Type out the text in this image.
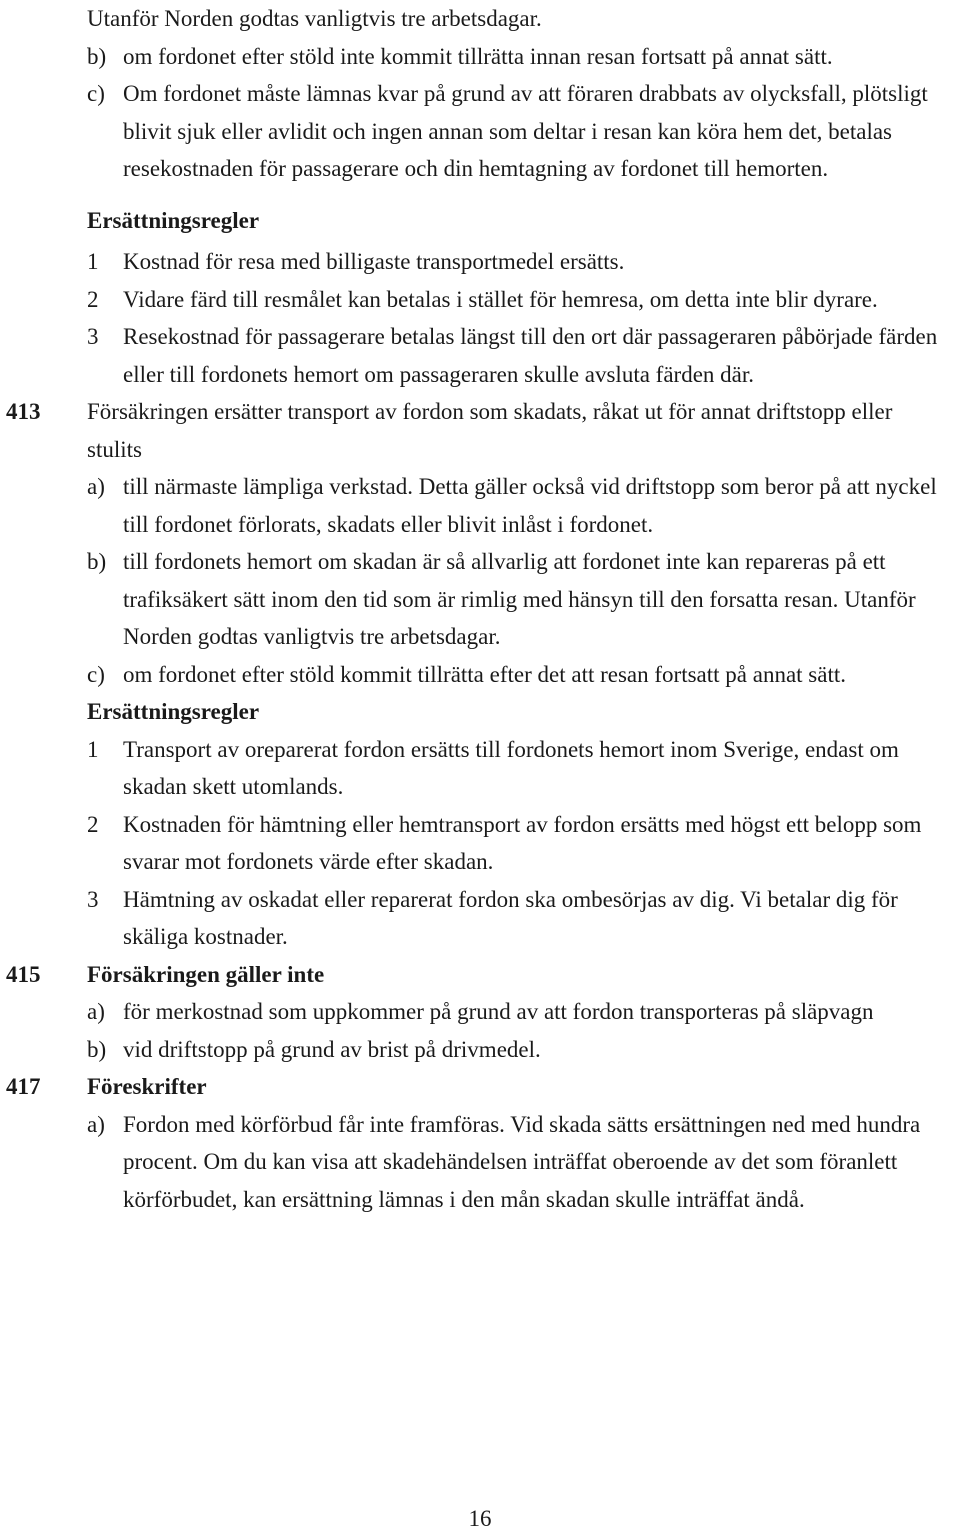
Utanför Norden godtas vanligtvis tre arbetsdagar.
b) om fordonet efter stöld inte kommit tillrätta innan resan fortsatt på annat sätt.
c) Om fordonet måste lämnas kvar på grund av att föraren drabbats av olycksfall, plötsligt blivit sjuk eller avlidit och ingen annan som deltar i resan kan köra hem det, betalas resekostnaden för passagerare och din hemtagning av fordonet till hemorten.
Ersättningsregler
1 Kostnad för resa med billigaste transportmedel ersätts.
2 Vidare färd till resmålet kan betalas i stället för hemresa, om detta inte blir dyrare.
3 Resekostnad för passagerare betalas längst till den ort där passageraren påbörjade färden eller till fordonets hemort om passageraren skulle avsluta färden där.
413 Försäkringen ersätter transport av fordon som skadats, råkat ut för annat driftstopp eller stulits
a) till närmaste lämpliga verkstad. Detta gäller också vid driftstopp som beror på att nyckel till fordonet förlorats, skadats eller blivit inlåst i fordonet.
b) till fordonets hemort om skadan är så allvarlig att fordonet inte kan repareras på ett trafiksäkert sätt inom den tid som är rimlig med hänsyn till den forsatta resan. Utanför Norden godtas vanligtvis tre arbetsdagar.
c) om fordonet efter stöld kommit tillrätta efter det att resan fortsatt på annat sätt.
Ersättningsregler
1 Transport av oreparerat fordon ersätts till fordonets hemort inom Sverige, endast om skadan skett utomlands.
2 Kostnaden för hämtning eller hemtransport av fordon ersätts med högst ett belopp som svarar mot fordonets värde efter skadan.
3 Hämtning av oskadat eller reparerat fordon ska ombesörjas av dig. Vi betalar dig för skäliga kostnader.
415 Försäkringen gäller inte
a) för merkostnad som uppkommer på grund av att fordon transporteras på släpvagn
b) vid driftstopp på grund av brist på drivmedel.
417 Föreskrifter
a) Fordon med körförbud får inte framföras. Vid skada sätts ersättningen ned med hundra procent. Om du kan visa att skadehändelsen inträffat oberoende av det som föranlett körförbudet, kan ersättning lämnas i den mån skadan skulle inträffat ändå.
16
